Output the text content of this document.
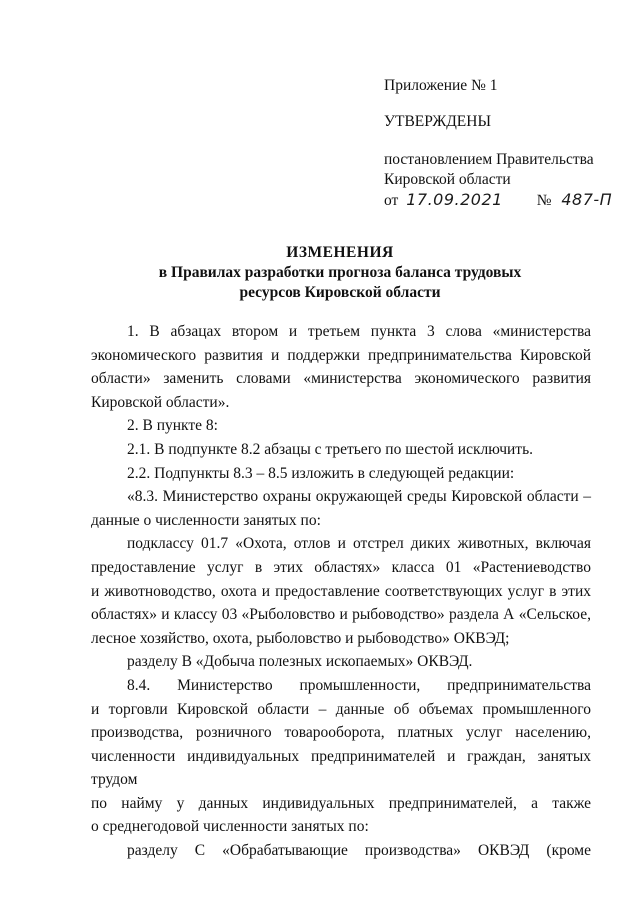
Приложение № 1
УТВЕРЖДЕНЫ
постановлением Правительства
Кировской области
от 17.09.2021 № 487-П
ИЗМЕНЕНИЯ
в Правилах разработки прогноза баланса трудовых
ресурсов Кировской области

1. В абзацах втором и третьем пункта 3 слова «министерства

экономического развития и поддержки предпринимательства Кировской

области» заменить словами «министерства экономического развития

Кировской области».

2. В пункте 8:

2.1. В подпункте 8.2 абзацы с третьего по шестой исключить.

2.2. Подпункты 8.3 – 8.5 изложить в следующей редакции:

«8.3. Министерство охраны окружающей среды Кировской области –

данные о численности занятых по:

подклассу 01.7 «Охота, отлов и отстрел диких животных, включая

предоставление услуг в этих областях» класса 01 «Растениеводство

и животноводство, охота и предоставление соответствующих услуг в этих

областях» и классу 03 «Рыболовство и рыбоводство» раздела А «Сельское,

лесное хозяйство, охота, рыболовство и рыбоводство» ОКВЭД;

разделу B «Добыча полезных ископаемых» ОКВЭД.

8.4. Министерство промышленности, предпринимательства

и торговли Кировской области – данные об объемах промышленного

производства, розничного товарооборота, платных услуг населению,

численности индивидуальных предпринимателей и граждан, занятых трудом

по найму у данных индивидуальных предпринимателей, а также

о среднегодовой численности занятых по:

разделу C «Обрабатывающие производства» ОКВЭД (кроме
